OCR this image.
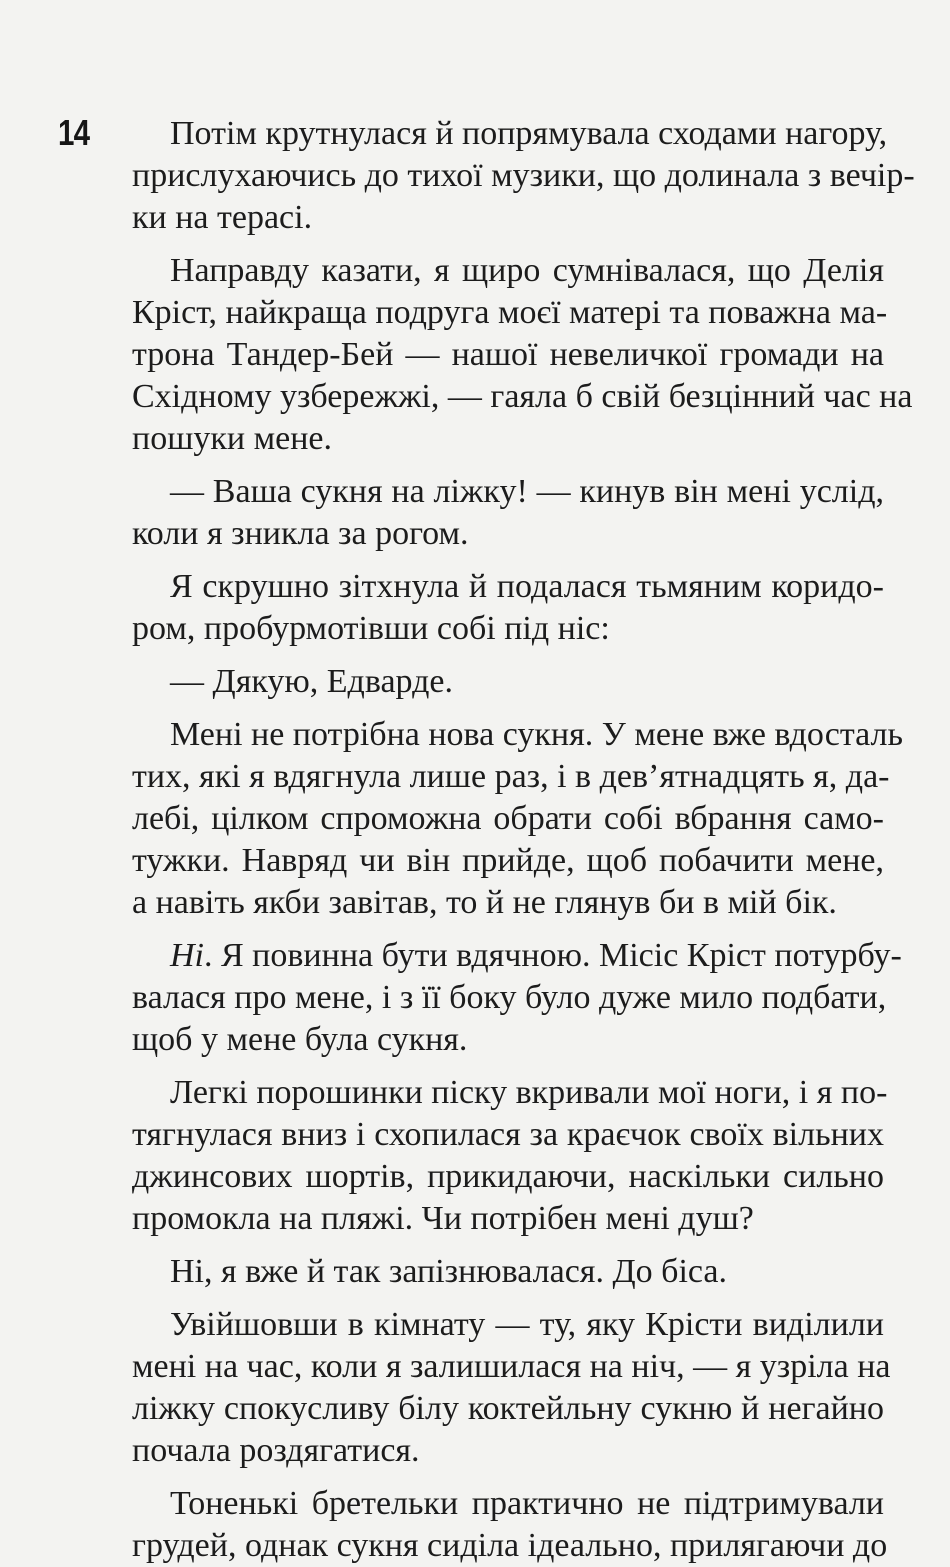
14	Потім крутнулася й попрямувала сходами нагору,
прислухаючись до тихої музики, що долинала з вечір-
ки на терасі.
Направду казати, я щиро сумнівалася, що Делія
Кріст, найкраща подруга моєї матері та поважна ма-
трона Тандер-Бей — нашої невеличкої громади на
Східному узбережжі, — гаяла б свій безцінний час на
пошуки мене.
— Ваша сукня на ліжку! — кинув він мені услід,
коли я зникла за рогом.
Я скрушно зітхнула й подалася тьмяним коридо-
ром, пробурмотівши собі під ніс:
— Дякую, Едварде.
Мені не потрібна нова сукня. У мене вже вдосталь
тих, які я вдягнула лише раз, і в дев’ятнадцять я, да-
лебі, цілком спроможна обрати собі вбрання само-
тужки. Навряд чи він прийде, щоб побачити мене,
а навіть якби завітав, то й не глянув би в мій бік.
Ні. Я повинна бути вдячною. Місіс Кріст потурбу-
валася про мене, і з її боку було дуже мило подбати,
щоб у мене була сукня.
Легкі порошинки піску вкривали мої ноги, і я по-
тягнулася вниз і схопилася за краєчок своїх вільних
джинсових шортів, прикидаючи, наскільки сильно
промокла на пляжі. Чи потрібен мені душ?
Ні, я вже й так запізнювалася. До біса.
Увійшовши в кімнату — ту, яку Крісти виділили
мені на час, коли я залишилася на ніч, — я узріла на
ліжку спокусливу білу коктейльну сукню й негайно
почала роздягатися.
Тоненькі бретельки практично не підтримували
грудей, однак сукня сиділа ідеально, прилягаючи до
